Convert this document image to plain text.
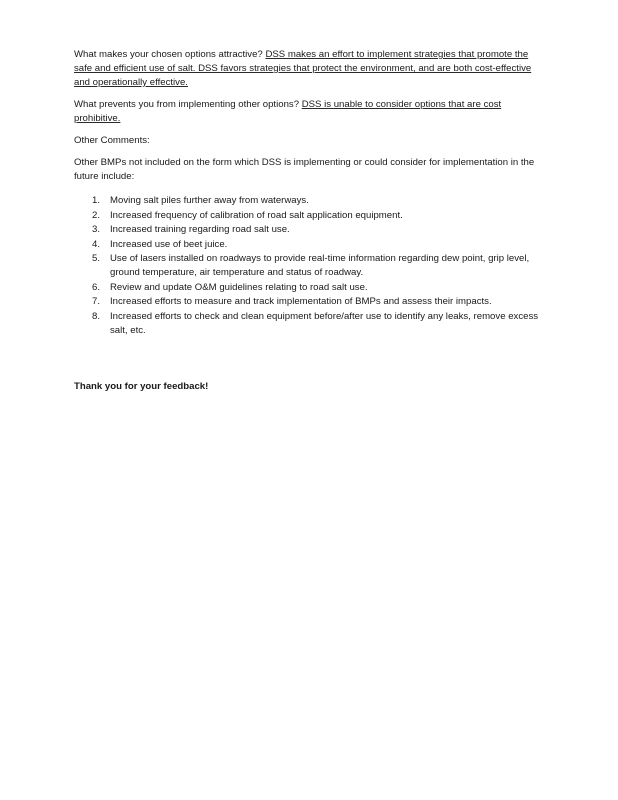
What makes your chosen options attractive? DSS makes an effort to implement strategies that promote the safe and efficient use of salt. DSS favors strategies that protect the environment, and are both cost-effective and operationally effective.

What prevents you from implementing other options? DSS is unable to consider options that are cost prohibitive.

Other Comments:

Other BMPs not included on the form which DSS is implementing or could consider for implementation in the future include:

1. Moving salt piles further away from waterways.
2. Increased frequency of calibration of road salt application equipment.
3. Increased training regarding road salt use.
4. Increased use of beet juice.
5. Use of lasers installed on roadways to provide real-time information regarding dew point, grip level, ground temperature, air temperature and status of roadway.
6. Review and update O&M guidelines relating to road salt use.
7. Increased efforts to measure and track implementation of BMPs and assess their impacts.
8. Increased efforts to check and clean equipment before/after use to identify any leaks, remove excess salt, etc.
Thank you for your feedback!
